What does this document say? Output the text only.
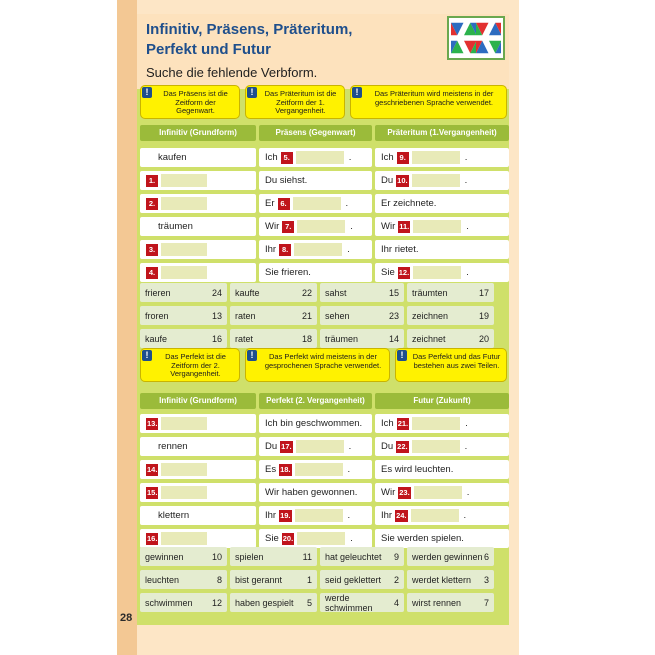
Infinitiv, Präsens, Präteritum, Perfekt und Futur
Suche die fehlende Verbform.
!	Das Präsens ist die Zeitform der Gegenwart.
!	Das Präteritum ist die Zeitform der 1. Vergangenheit.
!	Das Präteritum wird meistens in der geschriebenen Sprache verwendet.
Infinitiv (Grundform)	Präsens (Gegenwart)	Präteritum (1.Vergangenheit)
kaufen	Ich 5.	.	Ich 9.	.
1.	Du siehst.	Du 10.	.
2.	Er 6.	.	Er zeichnete.
träumen	Wir 7.	.	Wir 11.	.
3.	Ihr 8.	.	Ihr rietet.
4.	Sie frieren.	Sie 12.	.
frieren	24 kaufte	22 sahst	15 träumten	17
froren	13 raten	21 sehen	23 zeichnen	19
kaufe	16 ratet	18 träumen	14 zeichnet	20
!	Das Perfekt ist die Zeitform der 2. Vergangenheit.
!	Das Perfekt wird meistens in der gesprochenen Sprache verwendet.
!	Das Perfekt und das Futur bestehen aus zwei Teilen.
Infinitiv (Grundform)	Perfekt (2. Vergangenheit)	Futur (Zukunft)
13.	Ich bin geschwommen. Ich 21.	.
rennen	Du 17.	.	Du 22.	.
14.	Es 18.	.	Es wird leuchten.
15.	Wir haben gewonnen. Wir 23.	.
klettern	Ihr 19.	.	Ihr 24.	.
16.	Sie 20.	.	Sie werden spielen.
gewinnen	10 spielen	11 hat geleuchtet 9 werden gewinnen 6
leuchten	8 bist gerannt	1 seid geklettert 2 werdet klettern 3
schwimmen 12 haben gespielt 5 werde schwimmen	4 wirst rennen	7
28
